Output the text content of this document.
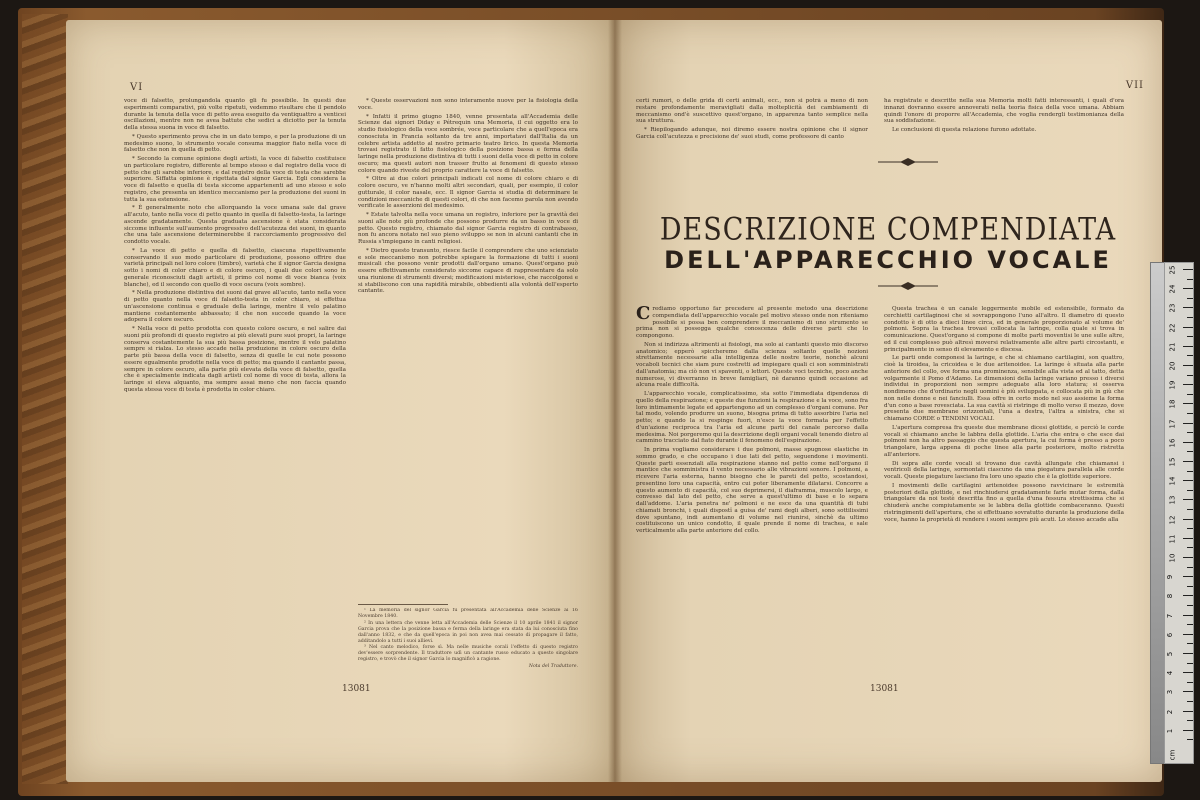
VI

voce di falsetto, prolungandola quanto gli fu possibile. In questi due esperimenti comparativi, più volte ripetuti, vedemmo risultare che il pendolo durante la tenuta della voce di petto avea eseguito da ventiquattro a venticei oscillazioni, mentre non ne avea battute che sedici a diciotto per la tenuta della stessa suona in voce di falsetto.

* Questo sperimento prova che in un dato tempo, e per la produzione di un medesimo suono, lo strumento vocale consuma maggior fiato nella voce di falsetto che non in quella di petto.

* Secondo la comune opinione degli artisti, la voce di falsetto costituisce un particolare registro, differente al tempo stesso e dal registro della voce di petto che gli sarebbe inferiore, e dal registro della voce di testa che sarebbe superiore. Siffatta opinione è rigettata dal signor Garcia. Egli considera la voce di falsetto e quella di testa siccome appartenenti ad uno stesso e solo registro, che presenta un identico meccanismo per la produzione dei suoni in tutta la sua estensione.

* È generalmente noto che allorquando la voce umana sale dal grave all'acuto, tanto nella voce di petto quanto in quella di falsetto-testa, la laringe ascende gradatamente. Questa graduata ascensione è stata considerata siccome influente sull'aumento progressivo dell'acutezza dei suoni, in quanto che una tale ascensione determinerebbe il raccorciamento progressivo del condotto vocale.

* La voce di petto e quella di falsetto, ciascuna rispettivamente conservando il suo modo particolare di produzione, possono offrire due varietà principali nel loro colore (timbro), varietà che il signor Garcia designa sotto i nomi di color chiaro e di colore oscuro, i quali due colori sono in generale riconosciuti dagli artisti, il primo col nome di voce bianca (voix blanche), ed il secondo con quello di voce oscura (voix sombre).

* Nella produzione distintiva dei suoni dal grave all'acuto, tanto nella voce di petto quanto nella voce di falsetto-testa in color chiaro, si effettua un'ascensione continua e graduale della laringe, mentre il velo palatino mantiene costantemente abbassato; il che non succede quando la voce adopera il colore oscuro.

* Nella voce di petto prodotta con questo colore oscuro, e nel salire dai suoni più profondi di questo registro ai più elevati pure suoi propri, la laringe conserva costantemente la sua più bassa posizione, mentre il velo palatino sempre si rialza. Lo stesso accade nella produzione in colore oscuro della parte più bassa della voce di falsetto, senza di quelle le cui note possono essere egualmente prodotte nella voce di petto; ma quando il cantante passa, sempre in colore oscuro, alla parte più elevata della voce di falsetto, quella che è specialmente indicata dagli artisti col nome di voce di testa, allora la laringe si eleva alquanto, ma sempre assai meno che non faccia quando questa stessa voce di testa è prodotta in color chiaro.

* Queste osservazioni non sono interamente nuove per la fisiologia della voce.

* Infatti il primo giugno 1840, venne presentata all'Accademia delle Scienze dai signori Diday e Pétrequin una Memoria, il cui oggetto era lo studio fisiologico della voce sombrée, voce particolare che a quell'epoca era conosciuta in Francia soltanto da tre anni, importatavi dall'Italia da un celebre artista addetto al nostro primario teatro lirico. In questa Memoria trovasi registrato il fatto fisiologico della posizione bassa e ferma della laringe nella produzione distintiva di tutti i suoni della voce di petto in colore oscuro; ma questi autori non trasser frutto ai fenomeni di questo stesso colore quando riveste del proprio carattere la voce di falsetto.

* Oltre ai due colori principali indicati col nome di colore chiaro e di colore oscuro, ve n'hanno molti altri secondari, quali, per esempio, il color gutturale, il color nasale, ecc. Il signor Garcia si studia di determinare le condizioni meccaniche di questi colori, di che non facemo parola non avendo verificate le asserzioni del medesimo.

* Estate talvolta nella voce umana un registro, inferiore per la gravità dei suoni alle note più profonde che possono produrre da un basso in voce di petto. Questo registro, chiamato dal signor Garcia registro di contrabasso, non fu ancora notato nel suo pieno sviluppo se non in alcuni cantanti che in Russia s'impiegano in canti religiosi.

* Dietro questo transunto, riesce facile il comprendere che uno scienziato e sole meccanismo non potrebbe spiegare la formazione di tutti i suoni musicali che possono venir prodotti dall'organo umano. Quest'organo può essere effettivamente considerato siccome capace di rappresentare da solo una riunione di strumenti diversi; modificazioni misteriose, che raccolgonsi e si stabiliscono con una rapidità mirabile, obbedienti alla volontà dell'esperto cantante.

¹ La memoria del signor Garcia fu presentata all'Accademia delle Scienze ai 16 Novembre 1840.

² In una lettera che venne letta all'Accademia delle Scienze il 10 aprile 1841 il signor Garcia prova che la posizione bassa e ferma della laringe era stata da lui conosciuta fino dall'anno 1832, e che da quell'epoca in poi non avea mai cessato di propagare il fatto, additandolo a tutti i suoi allievi.

³ Nel canto melodico, forse sì. Ma nelle musiche corali l'effetto di questo registro dev'essere sorprendente. Il traduttore udì un cantante russo educato a questo singolare registro, e trovò che il signor Garcia lo magnificò a ragione.

Nota del Traduttore.
13081
VII

certi rumori, o delle grida di certi animali, ecc., non si potrà a meno di non restare profondamente meravigliati dalla molteplicità dei cambiamenti di meccanismo ond'è suscettivo quest'organo, in apparenza tanto semplice nella sua struttura.

* Riepilogando adunque, noi diremo essere nostra opinione che il signor Garcia coll'acutezza e precisione de' suoi studi, come professore di canto

ha registrate e descritte nella sua Memoria molti fatti interessanti, i quali d'ora innanzi dovranno essere annoverati nella teoria fisica della voce umana. Abbiam quindi l'onore di proporre all'Accademia, che voglia rendergli testimonianza della sua soddisfazione.

Le conclusioni di questa relazione furono adottate.

DESCRIZIONE COMPENDIATA
DELL'APPARECCHIO VOCALE

Crediamo opportuno far precedere al presente metodo una descrizione compendiata dell'apparecchio vocale pel motivo stesso onde non riteniamo possibile si possa ben comprendere il meccanismo di uno strumento se prima non si possegga qualche conoscenza delle diverse parti che lo compongono.

Non si indirizza altrimenti ai fisiologi, ma solo ai cantanti questo mio discorso anatomico; epperò spiccheremo dalla scienza soltanto quelle nozioni strettamente necessarie alla intelligenza delle nostre teorie, nonchè alcuni vocaboli tecnici che siam pure costretti ad impiegare quali ci son somministrati dall'anatomia; ma ciò non vi spaventi, o lettori. Queste voci tecniche, poco anche numerose, vi diverranno in breve famigliari, nè daranno quindi occasione ad alcuna reale difficoltà.

L'apparecchio vocale, complicatissimo, sta sotto l'immediata dipendenza di quello della respirazione; e queste due funzioni la respirazione e la voce, sono fra loro intimamente legate ed appartengono ad un complesso d'organi comune. Per tal modo, volendo produrre un suono, bisogna prima di tutto assorbire l'aria nel petto; e quando la si respinge fuori, n'esce la voce formata per l'effetto d'un'azione reciproca tra l'aria ed alcune parti del canale percorso dalla medesima. Noi porgeremo qui la descrizione degli organi vocali tenendo dietro al cammino tracciato dal fiato durante il fenomeno dell'espirazione.

In prima vogliamo considerare i due polmoni, masse spugnose elastiche in sommo grado, e che occupano i due lati del petto, seguendone i movimenti. Queste parti essenziali alla respirazione stanno nel petto come nell'organo il mantice che somministra il vento necessario alle vibrazioni sonore. I polmoni, a ricevere l'aria esterna, hanno bisogno che le pareti del petto, scostandosi, presentino loro una capacità, entro cui poter liberamente dilatarsi. Concorre a questo aumento di capacità, col suo deprimersi, il diaframma, muscolo largo, e convesso dal lato del petto, che serve a quest'ultimo di base e lo separa dall'addome. L'aria penetra ne' polmoni e ne esce da una quantità di tubi chiamati bronchi, i quali dispostî a guisa de' rami degli alberi, sono sottilissimi dove spuntano, indi aumentano di volume nel riunirsi, sinchè da ultimo costituiscono un unico condotto, il quale prende il nome di trachea, e sale verticalmente alla parte anteriore del collo.

Questa trachea è un canale leggermente mobile ed estensibile, formato da cerchietti cartilaginosi che si sovrappongono l'uno all'altro. Il diametro di questo condotto è di otto a dieci linee circa, ed in generale proporzionato al volume de' polmoni. Sopra la trachea trovasi collocata la laringe, colla quale si trova in comunicazione. Quest'organo si compone di molte parti moventisi le une sulle altre, ed il cui complesso può altresì moversi relativamente alle altre parti circostanti, e principalmente in senso di elevamento e discesa.

Le parti onde componesi la laringe, e che si chiamano cartilagini, son quattro, cioè la tiroidea, la cricoidea e le due aritenoidee. La laringe è situata alla parte anteriore del collo, ove forma una prominenza, sensibile alla vista ed al tatto, detta volgarmente il Pomo d'Adamo. Le dimensioni della laringe variano presso i diversi individui in proporzioni non sempre adeguate alla loro statura; si osserva nondimeno che d'ordinario negli uomini è più sviluppata, e collocata più in giù che non nelle donne e nei fanciulli. Essa offre in certo modo nel suo assieme la forma d'un cono a base rovesciata. La sua cavità si ristringe di molto verso il mezzo, dove presenta due membrane orizzontali, l'una a destra, l'altra a sinistra, che si chiamano CORDE o TENDINI VOCALI.

L'apertura compresa fra queste due membrane dicesi glottide, e perciò le corde vocali si chiamano anche le labbra della glottide. L'aria che entra o che esce dai polmoni non ha altro passaggio che questa apertura, la cui forma è presso a poco triangolare, larga appena di poche linee alla parte posteriore, molto ristretta all'anteriore.

Di sopra alle corde vocali si trovano due cavità allungate che chiamansi i ventricoli della laringe, sormontati ciascuno da una piegatura parallela alle corde vocali. Queste piegature lasciano fra loro uno spazio che è la glottide superiore.

I movimenti delle cartilagini aritenoidee possono ravvicinare le estremità posteriori della glottide, e nel rinchiudersi gradatamente farle mutar forma, dalla triangolare da noi testè descritta fino a quella d'una fessura strettissima che si chiuderà anche compiutamente se le labbra della glottide combaceranno. Questi ristringimenti dell'apertura, che si effettuano sovratutto durante la produzione della voce, hanno la proprietà di rendere i suoni sempre più acuti. Lo stesso accade alla

13081
cm
25
24
23
22
21
20
19
18
17
16
15
14
13
12
11
10
9
8
7
6
5
4
3
2
1
